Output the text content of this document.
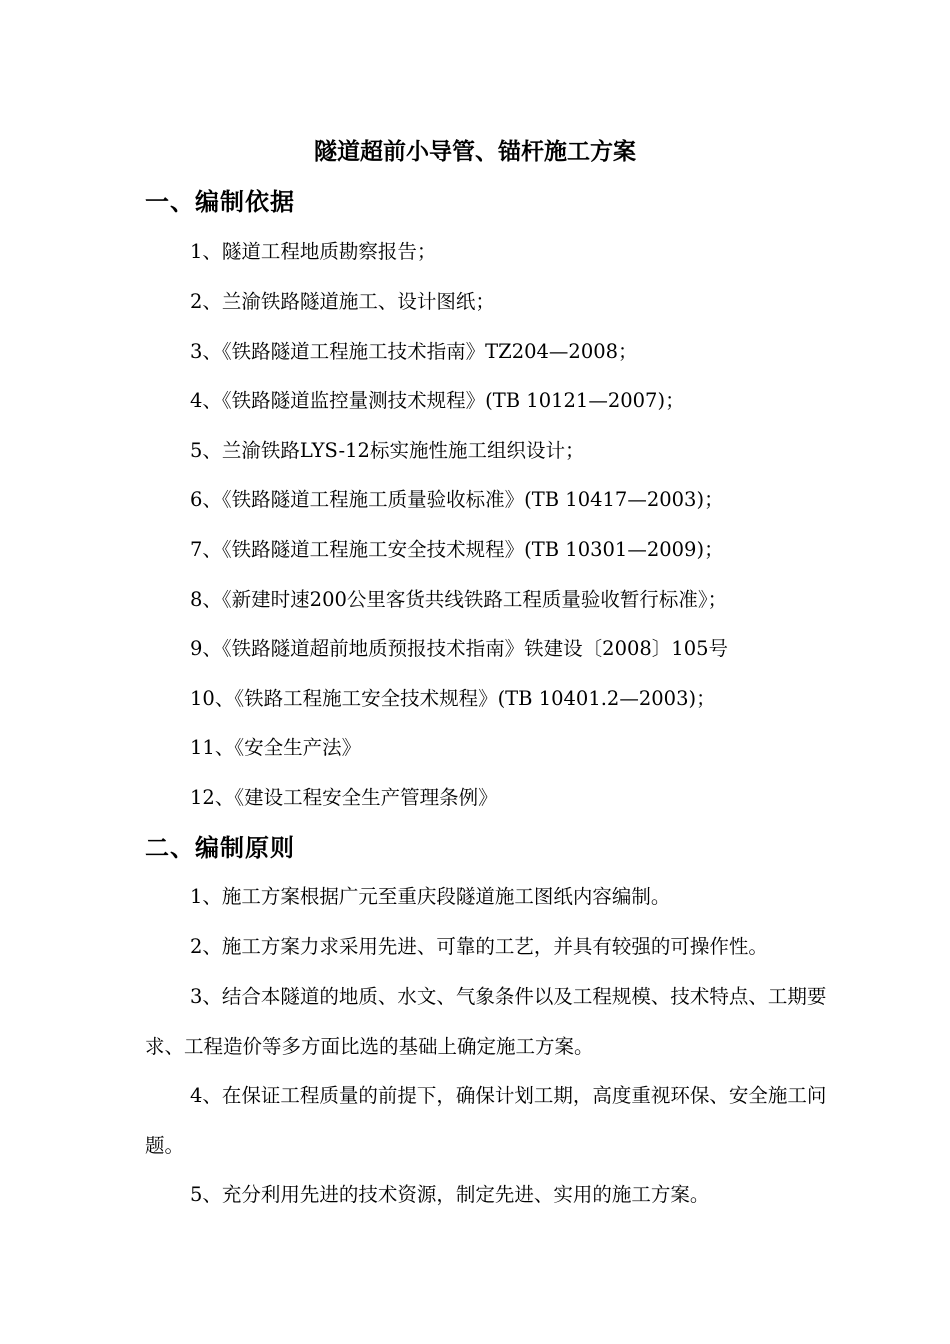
隧道超前小导管、锚杆施工方案
一、编制依据

1、隧道工程地质勘察报告；

2、兰渝铁路隧道施工、设计图纸；

3、《铁路隧道工程施工技术指南》TZ204—2008；

4、《铁路隧道监控量测技术规程》(TB 10121—2007)；

5、兰渝铁路LYS-12标实施性施工组织设计；

6、《铁路隧道工程施工质量验收标准》(TB 10417—2003)；

7、《铁路隧道工程施工安全技术规程》(TB 10301—2009)；

8、《新建时速200公里客货共线铁路工程质量验收暂行标准》；

9、《铁路隧道超前地质预报技术指南》铁建设〔2008〕105号

10、《铁路工程施工安全技术规程》(TB 10401.2—2003)；

11、《安全生产法》

12、《建设工程安全生产管理条例》

二、编制原则

1、施工方案根据广元至重庆段隧道施工图纸内容编制。

2、施工方案力求采用先进、可靠的工艺，并具有较强的可操作性。

3、结合本隧道的地质、水文、气象条件以及工程规模、技术特点、工期要求、工程造价等多方面比选的基础上确定施工方案。

4、在保证工程质量的前提下，确保计划工期，高度重视环保、安全施工问题。

5、充分利用先进的技术资源，制定先进、实用的施工方案。
